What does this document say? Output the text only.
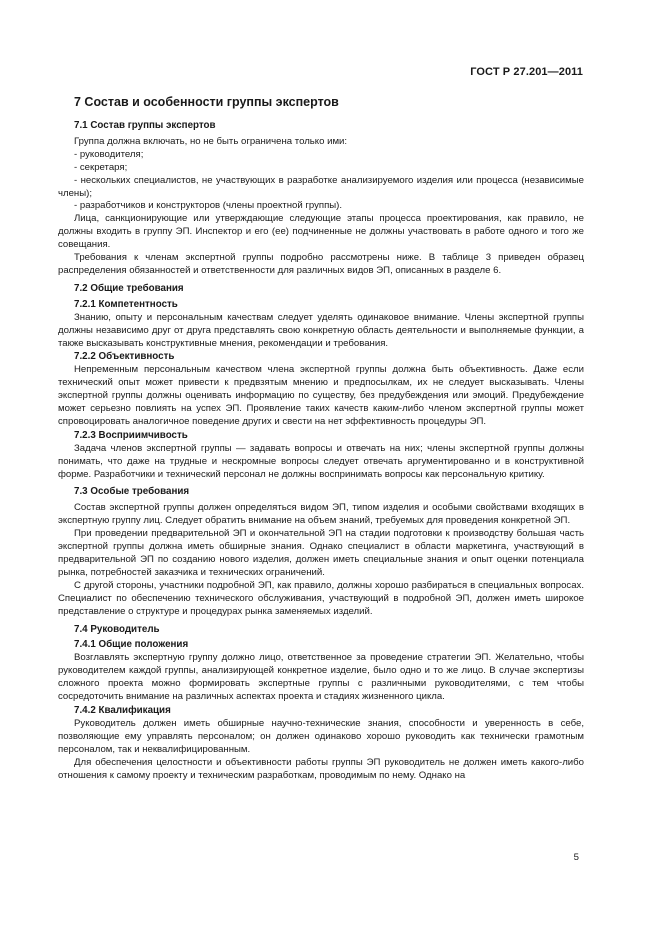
ГОСТ Р 27.201—2011
7 Состав и особенности группы экспертов
7.1 Состав группы экспертов

Группа должна включать, но не быть ограничена только ими:

- руководителя;

- секретаря;

- нескольких специалистов, не участвующих в разработке анализируемого изделия или процесса (независимые члены);

- разработчиков и конструкторов (члены проектной группы).

Лица, санкционирующие или утверждающие следующие этапы процесса проектирования, как правило, не должны входить в группу ЭП. Инспектор и его (ее) подчиненные не должны участвовать в работе одного и того же совещания.

Требования к членам экспертной группы подробно рассмотрены ниже. В таблице 3 приведен образец распределения обязанностей и ответственности для различных видов ЭП, описанных в разделе 6.

7.2 Общие требования
7.2.1 Компетентность

Знанию, опыту и персональным качествам следует уделять одинаковое внимание. Члены экспертной группы должны независимо друг от друга представлять свою конкретную область деятельности и выполняемые функции, а также высказывать конструктивные мнения, рекомендации и требования.

7.2.2 Объективность

Непременным персональным качеством члена экспертной группы должна быть объективность. Даже если технический опыт может привести к предвзятым мнению и предпосылкам, их не следует высказывать. Члены экспертной группы должны оценивать информацию по существу, без предубеждения или эмоций. Предубеждение может серьезно повлиять на успех ЭП. Проявление таких качеств каким-либо членом экспертной группы может спровоцировать аналогичное поведение других и свести на нет эффективность процедуры ЭП.

7.2.3 Восприимчивость

Задача членов экспертной группы — задавать вопросы и отвечать на них; члены экспертной группы должны понимать, что даже на трудные и нескромные вопросы следует отвечать аргументированно и в конструктивной форме. Разработчики и технический персонал не должны воспринимать вопросы как персональную критику.

7.3 Особые требования

Состав экспертной группы должен определяться видом ЭП, типом изделия и особыми свойствами входящих в экспертную группу лиц. Следует обратить внимание на объем знаний, требуемых для проведения конкретной ЭП.

При проведении предварительной ЭП и окончательной ЭП на стадии подготовки к производству большая часть экспертной группы должна иметь обширные знания. Однако специалист в области маркетинга, участвующий в предварительной ЭП по созданию нового изделия, должен иметь специальные знания и опыт оценки потенциала рынка, потребностей заказчика и технических ограничений.

С другой стороны, участники подробной ЭП, как правило, должны хорошо разбираться в специальных вопросах. Специалист по обеспечению технического обслуживания, участвующий в подробной ЭП, должен иметь широкое представление о структуре и процедурах рынка заменяемых изделий.

7.4 Руководитель
7.4.1 Общие положения

Возглавлять экспертную группу должно лицо, ответственное за проведение стратегии ЭП. Желательно, чтобы руководителем каждой группы, анализирующей конкретное изделие, было одно и то же лицо. В случае экспертизы сложного проекта можно формировать экспертные группы с различными руководителями, с тем чтобы сосредоточить внимание на различных аспектах проекта и стадиях жизненного цикла.

7.4.2 Квалификация

Руководитель должен иметь обширные научно-технические знания, способности и уверенность в себе, позволяющие ему управлять персоналом; он должен одинаково хорошо руководить как технически грамотным персоналом, так и неквалифицированным.

Для обеспечения целостности и объективности работы группы ЭП руководитель не должен иметь какого-либо отношения к самому проекту и техническим разработкам, проводимым по нему. Однако на

5
